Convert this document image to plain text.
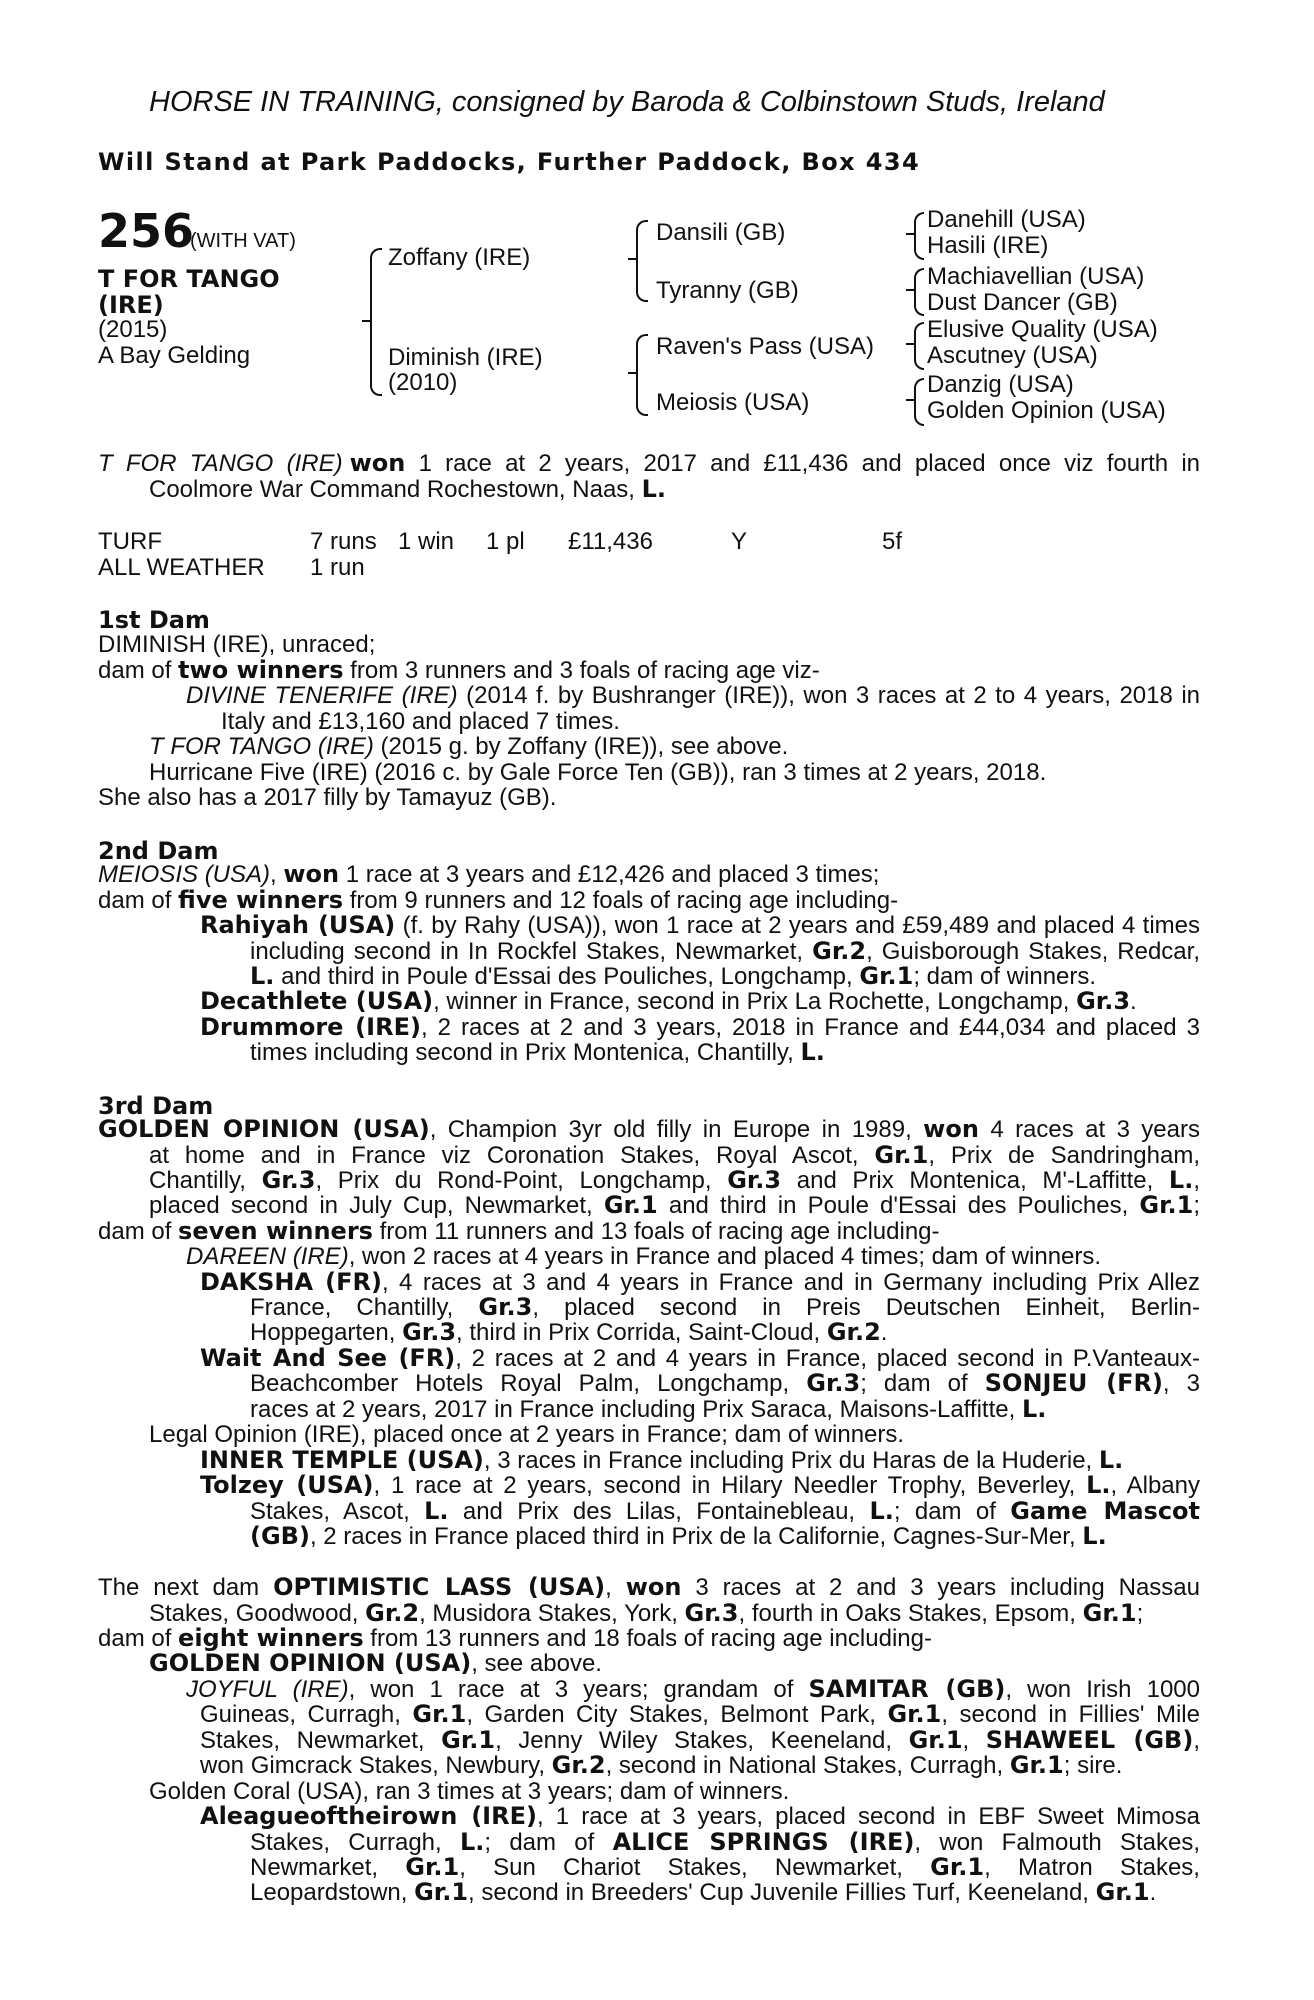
HORSE IN TRAINING, consigned by Baroda & Colbinstown Studs, Ireland
Will Stand at Park Paddocks, Further Paddock, Box 434
256
(WITH VAT)
T FOR TANGO
(IRE)
(2015)
A Bay Gelding
Zoffany (IRE)
Diminish (IRE)
(2010)
Dansili (GB)
Tyranny (GB)
Raven's Pass (USA)
Meiosis (USA)
Danehill (USA)
Hasili (IRE)
Machiavellian (USA)
Dust Dancer (GB)
Elusive Quality (USA)
Ascutney (USA)
Danzig (USA)
Golden Opinion (USA)
T FOR TANGO (IRE) won 1 race at 2 years, 2017 and £11,436 and placed once viz fourth in
Coolmore War Command Rochestown, Naas, L.
TURF	7 runs 1 win 1 pl £11,436	Y	5f
ALL WEATHER 1 run
1st Dam
DIMINISH (IRE), unraced;
dam of two winners from 3 runners and 3 foals of racing age viz-
DIVINE TENERIFE (IRE) (2014 f. by Bushranger (IRE)), won 3 races at 2 to 4 years, 2018 in
Italy and £13,160 and placed 7 times.
T FOR TANGO (IRE) (2015 g. by Zoffany (IRE)), see above.
Hurricane Five (IRE) (2016 c. by Gale Force Ten (GB)), ran 3 times at 2 years, 2018.
She also has a 2017 filly by Tamayuz (GB).
2nd Dam
MEIOSIS (USA), won 1 race at 3 years and £12,426 and placed 3 times;
dam of five winners from 9 runners and 12 foals of racing age including-
Rahiyah (USA) (f. by Rahy (USA)), won 1 race at 2 years and £59,489 and placed 4 times
including second in In Rockfel Stakes, Newmarket, Gr.2, Guisborough Stakes, Redcar,
L. and third in Poule d'Essai des Pouliches, Longchamp, Gr.1; dam of winners.
Decathlete (USA), winner in France, second in Prix La Rochette, Longchamp, Gr.3.
Drummore (IRE), 2 races at 2 and 3 years, 2018 in France and £44,034 and placed 3
times including second in Prix Montenica, Chantilly, L.
3rd Dam
GOLDEN OPINION (USA), Champion 3yr old filly in Europe in 1989, won 4 races at 3 years
at home and in France viz Coronation Stakes, Royal Ascot, Gr.1, Prix de Sandringham,
Chantilly, Gr.3, Prix du Rond-Point, Longchamp, Gr.3 and Prix Montenica, M'-Laffitte, L.,
placed second in July Cup, Newmarket, Gr.1 and third in Poule d'Essai des Pouliches, Gr.1;
dam of seven winners from 11 runners and 13 foals of racing age including-
DAREEN (IRE), won 2 races at 4 years in France and placed 4 times; dam of winners.
DAKSHA (FR), 4 races at 3 and 4 years in France and in Germany including Prix Allez
France, Chantilly, Gr.3, placed second in Preis Deutschen Einheit, Berlin-
Hoppegarten, Gr.3, third in Prix Corrida, Saint-Cloud, Gr.2.
Wait And See (FR), 2 races at 2 and 4 years in France, placed second in P.Vanteaux-
Beachcomber Hotels Royal Palm, Longchamp, Gr.3; dam of SONJEU (FR), 3
races at 2 years, 2017 in France including Prix Saraca, Maisons-Laffitte, L.
Legal Opinion (IRE), placed once at 2 years in France; dam of winners.
INNER TEMPLE (USA), 3 races in France including Prix du Haras de la Huderie, L.
Tolzey (USA), 1 race at 2 years, second in Hilary Needler Trophy, Beverley, L., Albany
Stakes, Ascot, L. and Prix des Lilas, Fontainebleau, L.; dam of Game Mascot
(GB), 2 races in France placed third in Prix de la Californie, Cagnes-Sur-Mer, L.
The next dam OPTIMISTIC LASS (USA), won 3 races at 2 and 3 years including Nassau
Stakes, Goodwood, Gr.2, Musidora Stakes, York, Gr.3, fourth in Oaks Stakes, Epsom, Gr.1;
dam of eight winners from 13 runners and 18 foals of racing age including-
GOLDEN OPINION (USA), see above.
JOYFUL (IRE), won 1 race at 3 years; grandam of SAMITAR (GB), won Irish 1000
Guineas, Curragh, Gr.1, Garden City Stakes, Belmont Park, Gr.1, second in Fillies' Mile
Stakes, Newmarket, Gr.1, Jenny Wiley Stakes, Keeneland, Gr.1, SHAWEEL (GB),
won Gimcrack Stakes, Newbury, Gr.2, second in National Stakes, Curragh, Gr.1; sire.
Golden Coral (USA), ran 3 times at 3 years; dam of winners.
Aleagueoftheirown (IRE), 1 race at 3 years, placed second in EBF Sweet Mimosa
Stakes, Curragh, L.; dam of ALICE SPRINGS (IRE), won Falmouth Stakes,
Newmarket, Gr.1, Sun Chariot Stakes, Newmarket, Gr.1, Matron Stakes,
Leopardstown, Gr.1, second in Breeders' Cup Juvenile Fillies Turf, Keeneland, Gr.1.
